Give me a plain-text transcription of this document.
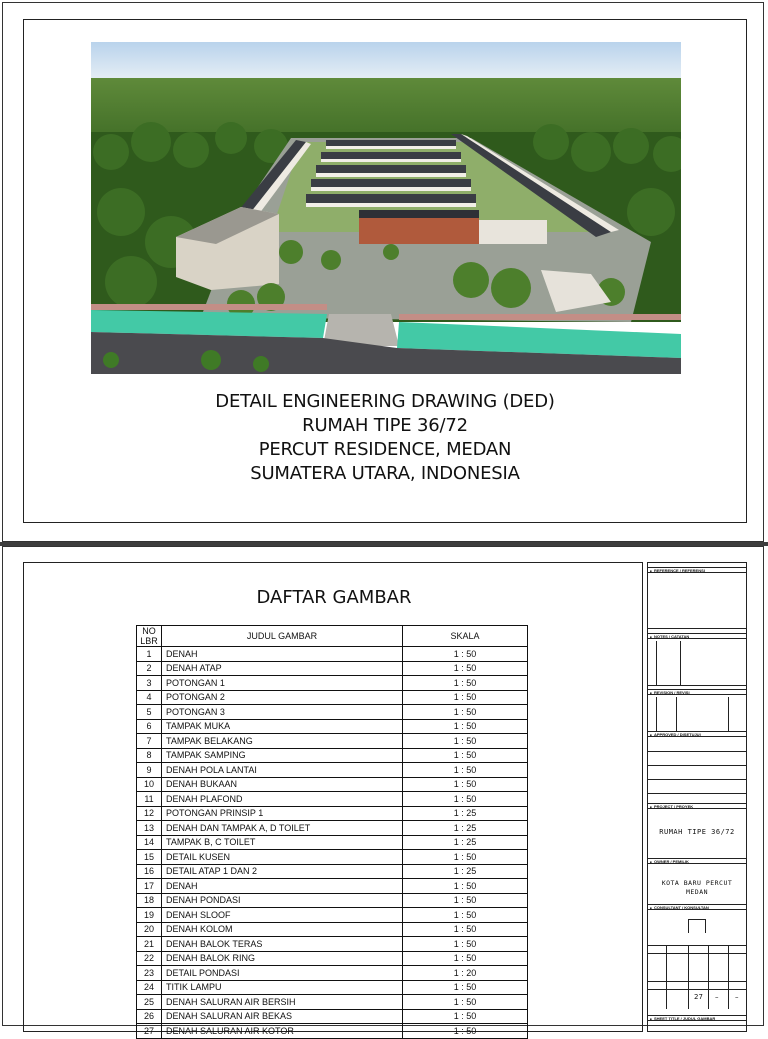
DETAIL ENGINEERING DRAWING (DED)
RUMAH TIPE 36/72
PERCUT RESIDENCE, MEDAN
SUMATERA UTARA, INDONESIA
DAFTAR GAMBAR
NO LBR	JUDUL GAMBAR	SKALA
1	DENAH	1 : 50
2	DENAH ATAP	1 : 50
3	POTONGAN 1	1 : 50
4	POTONGAN 2	1 : 50
5	POTONGAN 3	1 : 50
6	TAMPAK MUKA	1 : 50
7	TAMPAK BELAKANG	1 : 50
8	TAMPAK SAMPING	1 : 50
9	DENAH POLA LANTAI	1 : 50
10	DENAH BUKAAN	1 : 50
11	DENAH PLAFOND	1 : 50
12	POTONGAN PRINSIP 1	1 : 25
13	DENAH DAN TAMPAK A, D TOILET	1 : 25
14	TAMPAK B, C TOILET	1 : 25
15	DETAIL KUSEN	1 : 50
16	DETAIL ATAP 1 DAN 2	1 : 25
17	DENAH	1 : 50
18	DENAH PONDASI	1 : 50
19	DENAH SLOOF	1 : 50
20	DENAH KOLOM	1 : 50
21	DENAH BALOK TERAS	1 : 50
22	DENAH BALOK RING	1 : 50
23	DETAIL PONDASI	1 : 20
24	TITIK LAMPU	1 : 50
25	DENAH SALURAN AIR BERSIH	1 : 50
26	DENAH SALURAN AIR BEKAS	1 : 50
27	DENAH SALURAN AIR KOTOR	1 : 50
■ REFERENCE / REFERENSI
■ NOTES / CATATAN
■ REVISION / REVISI
■ APPROVED / DISETUJUI
■ PROJECT / PROYEK
RUMAH TIPE 36/72
■ OWNER / PEMILIK
KOTA BARU PERCUT
MEDAN
■ CONSULTANT / KONSULTAN
27 – –
■ SHEET TITLE / JUDUL GAMBAR
